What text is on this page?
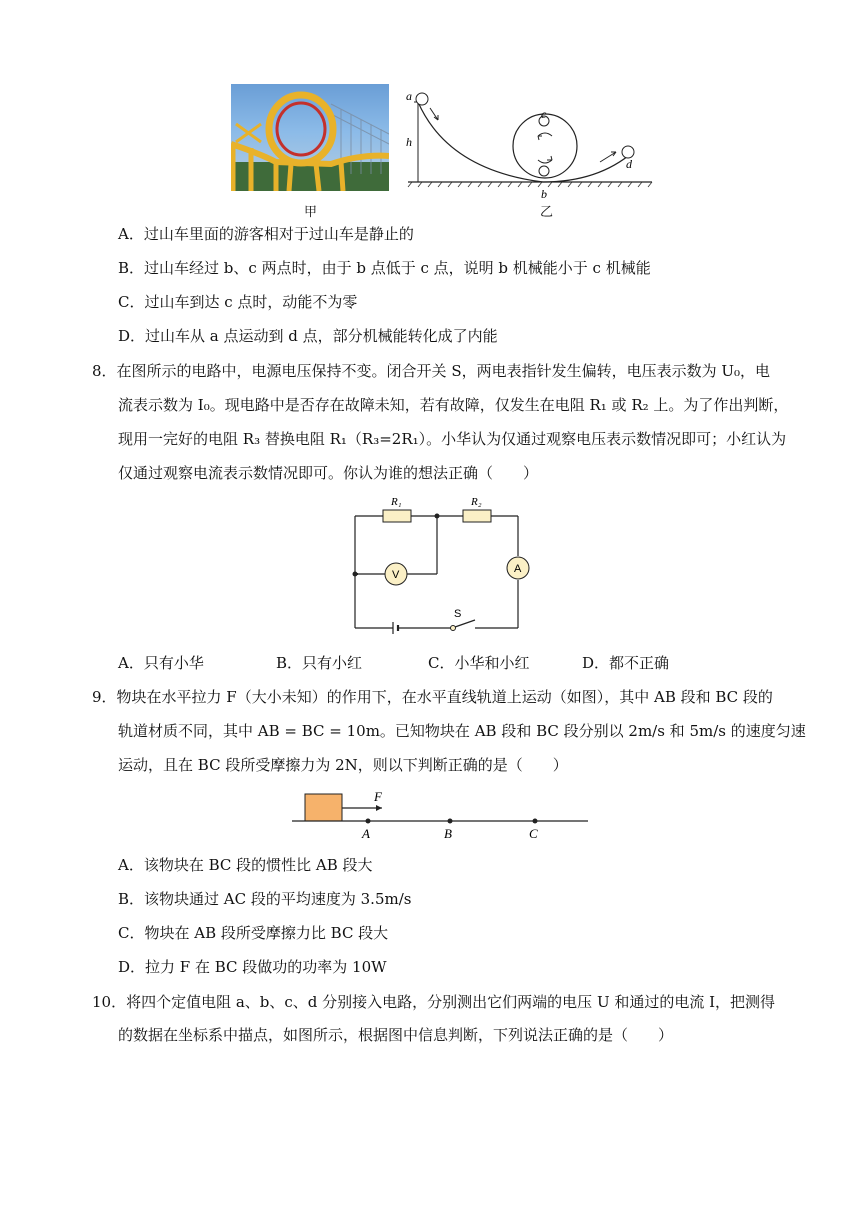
甲
a
h
c
b
d
乙
A．过山车里面的游客相对于过山车是静止的
B．过山车经过 b、c 两点时，由于 b 点低于 c 点，说明 b 机械能小于 c 机械能
C．过山车到达 c 点时，动能不为零
D．过山车从 a 点运动到 d 点，部分机械能转化成了内能
8．在图所示的电路中，电源电压保持不变。闭合开关 S，两电表指针发生偏转，电压表示数为 U₀，电
流表示数为 I₀。现电路中是否存在故障未知，若有故障，仅发生在电阻 R₁ 或 R₂ 上。为了作出判断，
现用一完好的电阻 R₃ 替换电阻 R₁（R₃=2R₁）。小华认为仅通过观察电压表示数情况即可；小红认为
仅通过观察电流表示数情况即可。你认为谁的想法正确（　　）
R₁	R₂
V	A
S
A．只有小华	B．只有小红	C．小华和小红	D．都不正确
9．物块在水平拉力 F（大小未知）的作用下，在水平直线轨道上运动（如图），其中 AB 段和 BC 段的
轨道材质不同，其中 AB = BC = 10m。已知物块在 AB 段和 BC 段分别以 2m/s 和 5m/s 的速度匀速
运动，且在 BC 段所受摩擦力为 2N，则以下判断正确的是（　　）
F
A	B	C
A．该物块在 BC 段的惯性比 AB 段大
B．该物块通过 AC 段的平均速度为 3.5m/s
C．物块在 AB 段所受摩擦力比 BC 段大
D．拉力 F 在 BC 段做功的功率为 10W
10．将四个定值电阻 a、b、c、d 分别接入电路，分别测出它们两端的电压 U 和通过的电流 I，把测得
的数据在坐标系中描点，如图所示，根据图中信息判断，下列说法正确的是（　　）
